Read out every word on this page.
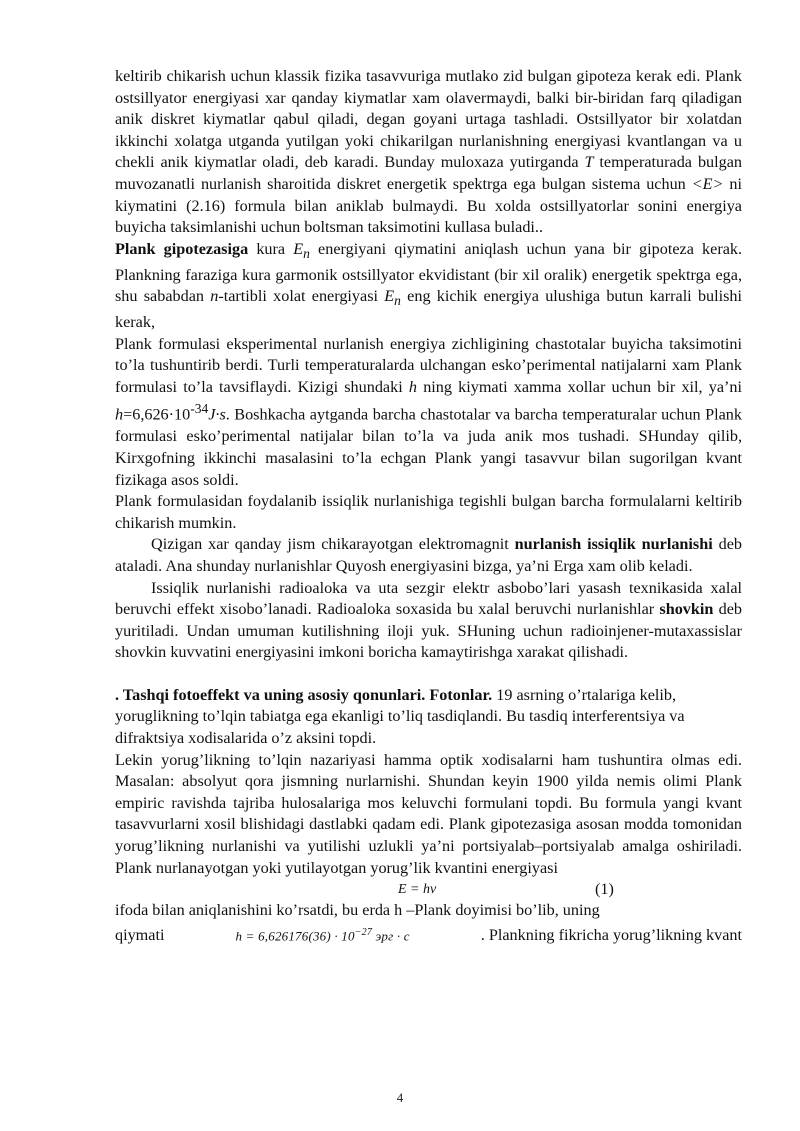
keltirib chikarish uchun klassik fizika tasavvuriga mutlako zid bulgan gipoteza kerak edi. Plank ostsillyator energiyasi xar qanday kiymatlar xam olavermaydi, balki bir-biridan farq qiladigan anik diskret kiymatlar qabul qiladi, degan goyani urtaga tashladi. Ostsillyator bir xolatdan ikkinchi xolatga utganda yutilgan yoki chikarilgan nurlanishning energiyasi kvantlangan va u chekli anik kiymatlar oladi, deb karadi. Bunday muloxaza yutirganda T temperaturada bulgan muvozanatli nurlanish sharoitida diskret energetik spektrga ega bulgan sistema uchun <E> ni kiymatini (2.16) formula bilan aniklab bulmaydi. Bu xolda ostsillyatorlar sonini energiya buyicha taksimlanishi uchun boltsman taksimotini kullasa buladi..

Plank gipotezasiga kura $E_n$ energiyani qiymatini aniqlash uchun yana bir gipoteza kerak. Plankning faraziga kura garmonik ostsillyator ekvidistant (bir xil oralik) energetik spektrga ega, shu sababdan n-tartibli xolat energiyasi $E_n$ eng kichik energiya ulushiga butun karrali bulishi kerak,

Plank formulasi eksperimental nurlanish energiya zichligining chastotalar buyicha taksimotini to’la tushuntirib berdi. Turli temperaturalarda ulchangan esko’perimental natijalarni xam Plank formulasi to’la tavsiflaydi. Kizigi shundaki h ning kiymati xamma xollar uchun bir xil, ya’ni $h=6,626\cdot 10^{-34}J\cdot s$. Boshkacha aytganda barcha chastotalar va barcha temperaturalar uchun Plank formulasi esko’perimental natijalar bilan to’la va juda anik mos tushadi. SHunday qilib, Kirxgofning ikkinchi masalasini to’la echgan Plank yangi tasavvur bilan sugorilgan kvant fizikaga asos soldi.

Plank formulasidan foydalanib issiqlik nurlanishiga tegishli bulgan barcha formulalarni keltirib chikarish mumkin.

Qizigan xar qanday jism chikarayotgan elektromagnit nurlanish issiqlik nurlanishi deb ataladi. Ana shunday nurlanishlar Quyosh energiyasini bizga, ya’ni Erga xam olib keladi.

Issiqlik nurlanishi radioaloka va uta sezgir elektr asbobo’lari yasash texnikasida xalal beruvchi effekt xisobo’lanadi. Radioaloka soxasida bu xalal beruvchi nurlanishlar shovkin deb yuritiladi. Undan umuman kutilishning iloji yuk. SHuning uchun radioinjener-mutaxassislar shovkin kuvvatini energiyasini imkoni boricha kamaytirishga xarakat qilishadi.

. Tashqi fotoeffekt va uning asosiy qonunlari. Fotonlar. 19 asrning o’rtalariga kelib, yoruglikning to’lqin tabiatga ega ekanligi to’liq tasdiqlandi. Bu tasdiq interferentsiya va difraktsiya xodisalarida o’z aksini topdi.

Lekin yorug’likning to’lqin nazariyasi hamma optik xodisalarni ham tushuntira olmas edi. Masalan: absolyut qora jismning nurlarnishi. Shundan keyin 1900 yilda nemis olimi Plank empiric ravishda tajriba hulosalariga mos keluvchi formulani topdi. Bu formula yangi kvant tasavvurlarni xosil blishidagi dastlabki qadam edi. Plank gipotezasiga asosan modda tomonidan yorug’likning nurlanishi va yutilishi uzlukli ya’ni portsiyalab–portsiyalab amalga oshiriladi. Plank nurlanayotgan yoki yutilayotgan yorug’lik kvantini energiyasi

E = hν	(1)

ifoda bilan aniqlanishini ko’rsatdi, bu erda h –Plank doyimisi bo’lib, uning

qiymati	$h = 6,626176(36) \cdot 10^{-27}$ эрг · с	. Plankning fikricha yorug’likning kvant
4
